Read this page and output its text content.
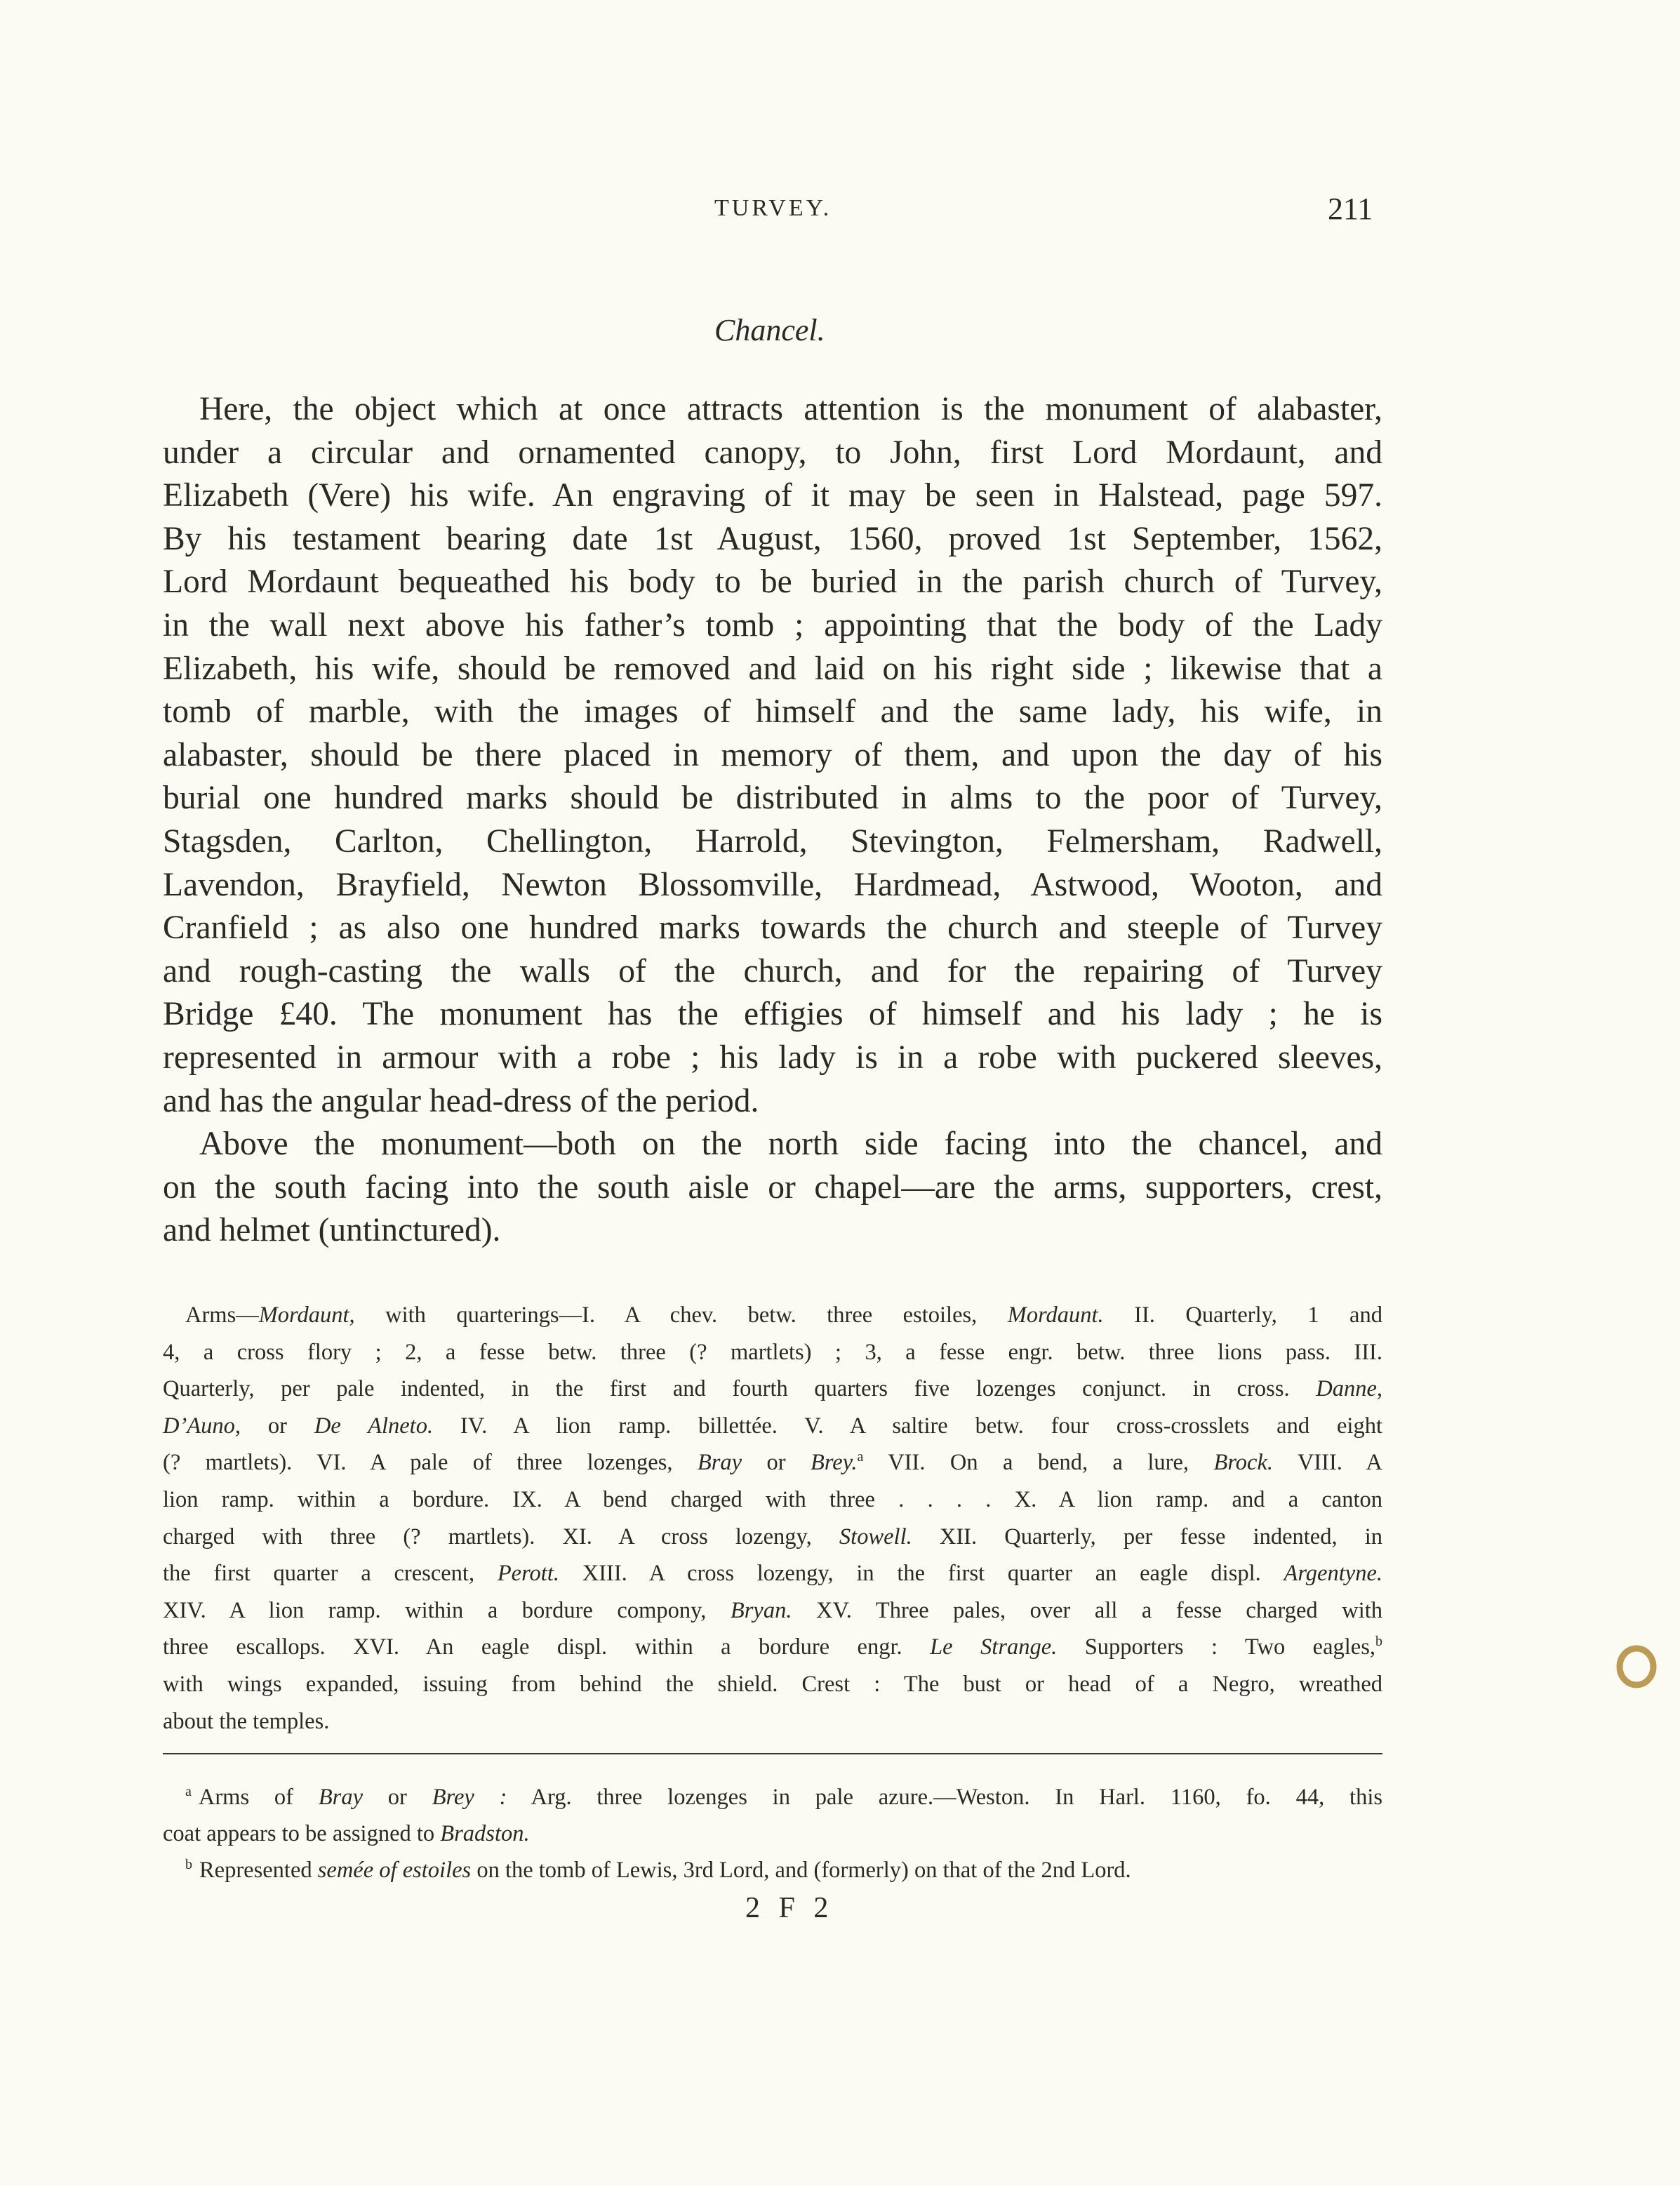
TURVEY.	211
Chancel.
Here, the object which at once attracts attention is the monument of alabaster,
under a circular and ornamented canopy, to John, first Lord Mordaunt, and
Elizabeth (Vere) his wife. An engraving of it may be seen in Halstead, page 597.
By his testament bearing date 1st August, 1560, proved 1st September, 1562,
Lord Mordaunt bequeathed his body to be buried in the parish church of Turvey,
in the wall next above his father’s tomb ; appointing that the body of the Lady
Elizabeth, his wife, should be removed and laid on his right side ; likewise that a
tomb of marble, with the images of himself and the same lady, his wife, in
alabaster, should be there placed in memory of them, and upon the day of his
burial one hundred marks should be distributed in alms to the poor of Turvey,
Stagsden, Carlton, Chellington, Harrold, Stevington, Felmersham, Radwell,
Lavendon, Brayfield, Newton Blossomville, Hardmead, Astwood, Wooton, and
Cranfield ; as also one hundred marks towards the church and steeple of Turvey
and rough-casting the walls of the church, and for the repairing of Turvey
Bridge £40. The monument has the effigies of himself and his lady ; he is
represented in armour with a robe ; his lady is in a robe with puckered sleeves,
and has the angular head-dress of the period.
Above the monument—both on the north side facing into the chancel, and
on the south facing into the south aisle or chapel—are the arms, supporters, crest,
and helmet (untinctured).
Arms—Mordaunt, with quarterings—I. A chev. betw. three estoiles, Mordaunt. II. Quarterly, 1 and
4, a cross flory ; 2, a fesse betw. three (? martlets) ; 3, a fesse engr. betw. three lions pass. III.
Quarterly, per pale indented, in the first and fourth quarters five lozenges conjunct. in cross. Danne,
D’Auno, or De Alneto. IV. A lion ramp. billettée. V. A saltire betw. four cross-crosslets and eight
(? martlets). VI. A pale of three lozenges, Bray or Brey.$^a$ VII. On a bend, a lure, Brock. VIII. A
lion ramp. within a bordure. IX. A bend charged with three . . . . X. A lion ramp. and a canton
charged with three (? martlets). XI. A cross lozengy, Stowell. XII. Quarterly, per fesse indented, in
the first quarter a crescent, Perott. XIII. A cross lozengy, in the first quarter an eagle displ. Argentyne.
XIV. A lion ramp. within a bordure compony, Bryan. XV. Three pales, over all a fesse charged with
three escallops. XVI. An eagle displ. within a bordure engr. Le Strange. Supporters : Two eagles,$^b$
with wings expanded, issuing from behind the shield. Crest : The bust or head of a Negro, wreathed
about the temples.
$^a$ Arms of Bray or Brey : Arg. three lozenges in pale azure.—Weston. In Harl. 1160, fo. 44, this
coat appears to be assigned to Bradston.
$^b$ Represented semée of estoiles on the tomb of Lewis, 3rd Lord, and (formerly) on that of the 2nd Lord.
2 F 2
